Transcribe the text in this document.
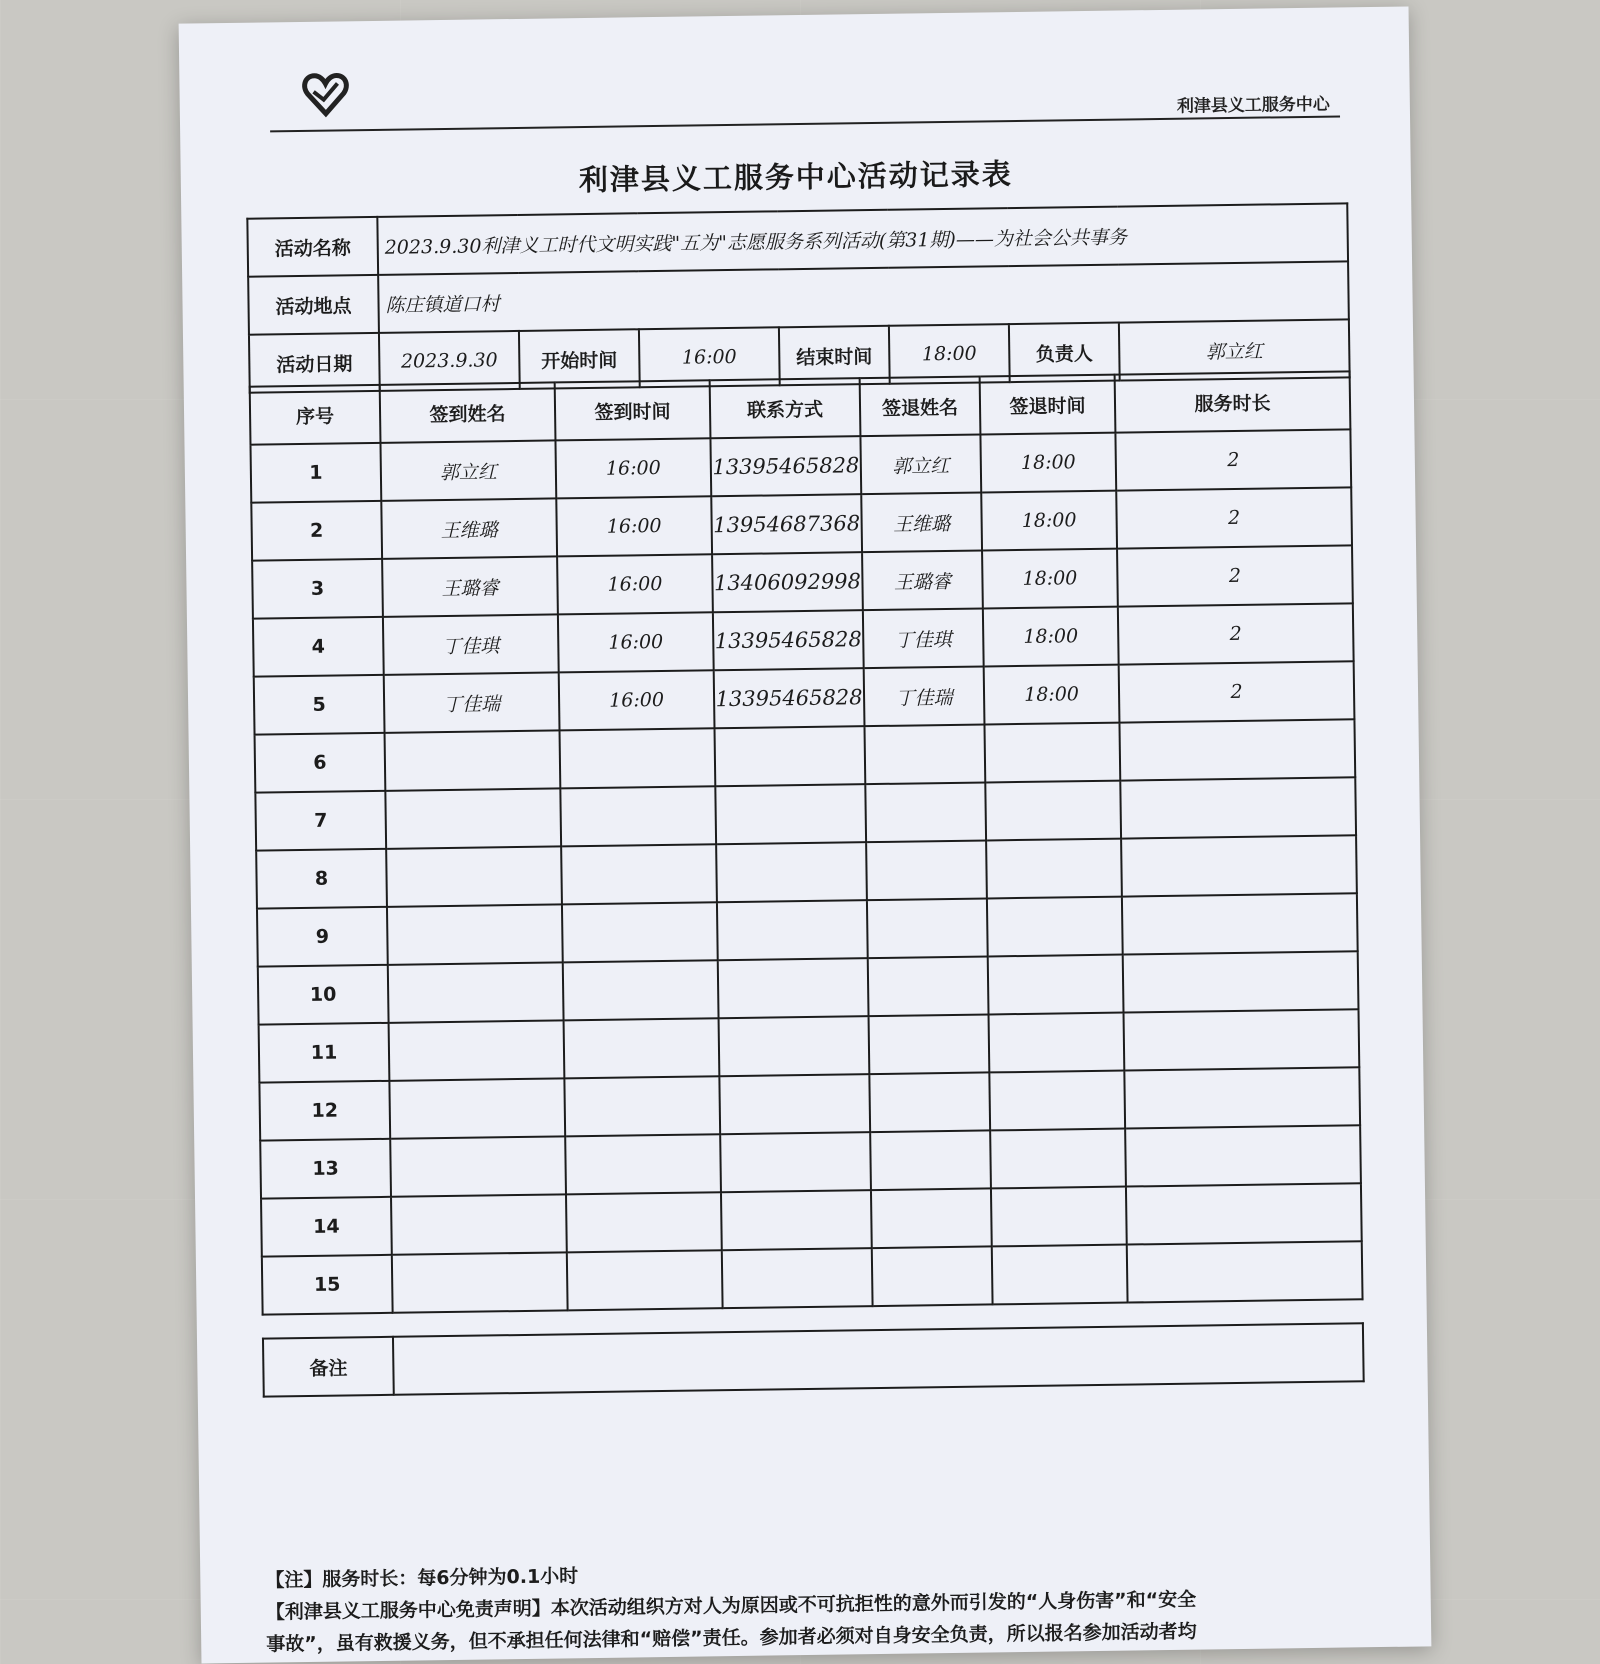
利津县义工服务中心
利津县义工服务中心活动记录表
活动名称	2023.9.30利津义工时代文明实践"五为"志愿服务系列活动(第31期)——为社会公共事务						
活动地点	陈庄镇道口村						
活动日期	2023.9.30	开始时间	16:00	结束时间	18:00	负责人	郭立红
序号	签到姓名	签到时间	联系方式	签退姓名	签退时间	服务时长
1	郭立红	16:00	13395465828	郭立红	18:00	2
2	王维璐	16:00	13954687368	王维璐	18:00	2
3	王璐睿	16:00	13406092998	王璐睿	18:00	2
4	丁佳琪	16:00	13395465828	丁佳琪	18:00	2
5	丁佳瑞	16:00	13395465828	丁佳瑞	18:00	2
6						
7						
8						
9						
10						
11						
12						
13						
14						
15						
备注	

【注】服务时长：每6分钟为0.1小时

【利津县义工服务中心免责声明】本次活动组织方对人为原因或不可抗拒性的意外而引发的“人身伤害”和“安全

事故”，虽有救援义务，但不承担任何法律和“赔偿”责任。参加者必须对自身安全负责，所以报名参加活动者均
